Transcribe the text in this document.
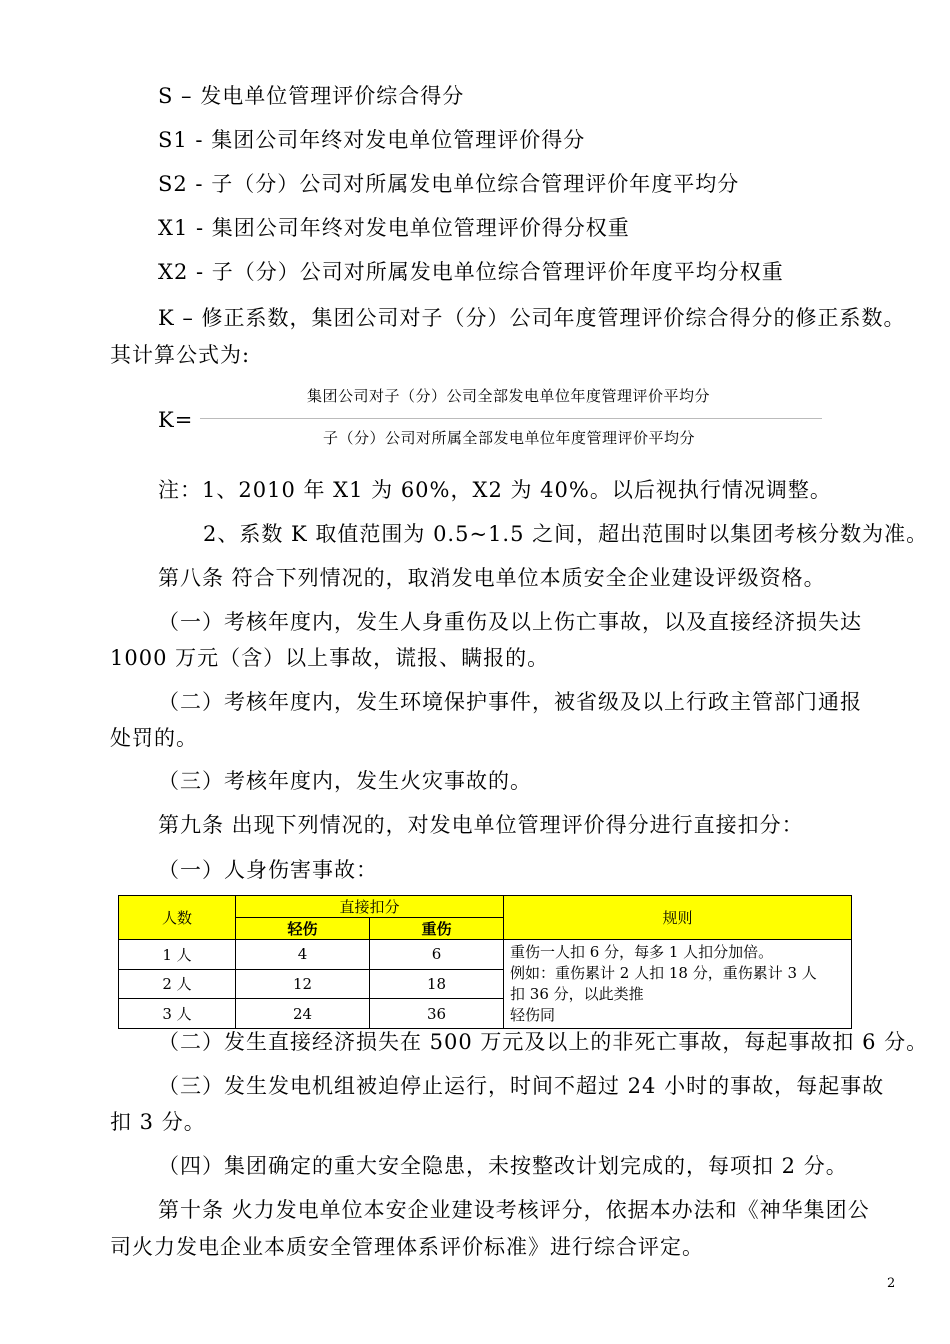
S – 发电单位管理评价综合得分
S1 - 集团公司年终对发电单位管理评价得分
S2 - 子（分）公司对所属发电单位综合管理评价年度平均分
X1 - 集团公司年终对发电单位管理评价得分权重
X2 - 子（分）公司对所属发电单位综合管理评价年度平均分权重
K – 修正系数，集团公司对子（分）公司年度管理评价综合得分的修正系数。
其计算公式为:
集团公司对子（分）公司全部发电单位年度管理评价平均分
K=
子（分）公司对所属全部发电单位年度管理评价平均分
注：1、2010 年 X1 为 60%，X2 为 40%。以后视执行情况调整。
2、系数 K 取值范围为 0.5~1.5 之间，超出范围时以集团考核分数为准。
第八条 符合下列情况的，取消发电单位本质安全企业建设评级资格。
（一）考核年度内，发生人身重伤及以上伤亡事故，以及直接经济损失达
1000 万元（含）以上事故，谎报、瞒报的。
（二）考核年度内，发生环境保护事件，被省级及以上行政主管部门通报
处罚的。
（三）考核年度内，发生火灾事故的。
第九条 出现下列情况的，对发电单位管理评价得分进行直接扣分：
（一）人身伤害事故：
人数	直接扣分		规则
	轻伤	重伤	
1 人	4	6	重伤一人扣 6 分，每多 1 人扣分加倍。
例如：重伤累计 2 人扣 18 分，重伤累计 3 人
扣 36 分，以此类推
轻伤同

2 人	12	18	
3 人	24	36	
（二）发生直接经济损失在 500 万元及以上的非死亡事故，每起事故扣 6 分。
（三）发生发电机组被迫停止运行，时间不超过 24 小时的事故，每起事故
扣 3 分。
（四）集团确定的重大安全隐患，未按整改计划完成的，每项扣 2 分。
第十条 火力发电单位本安企业建设考核评分，依据本办法和《神华集团公
司火力发电企业本质安全管理体系评价标准》进行综合评定。
2
